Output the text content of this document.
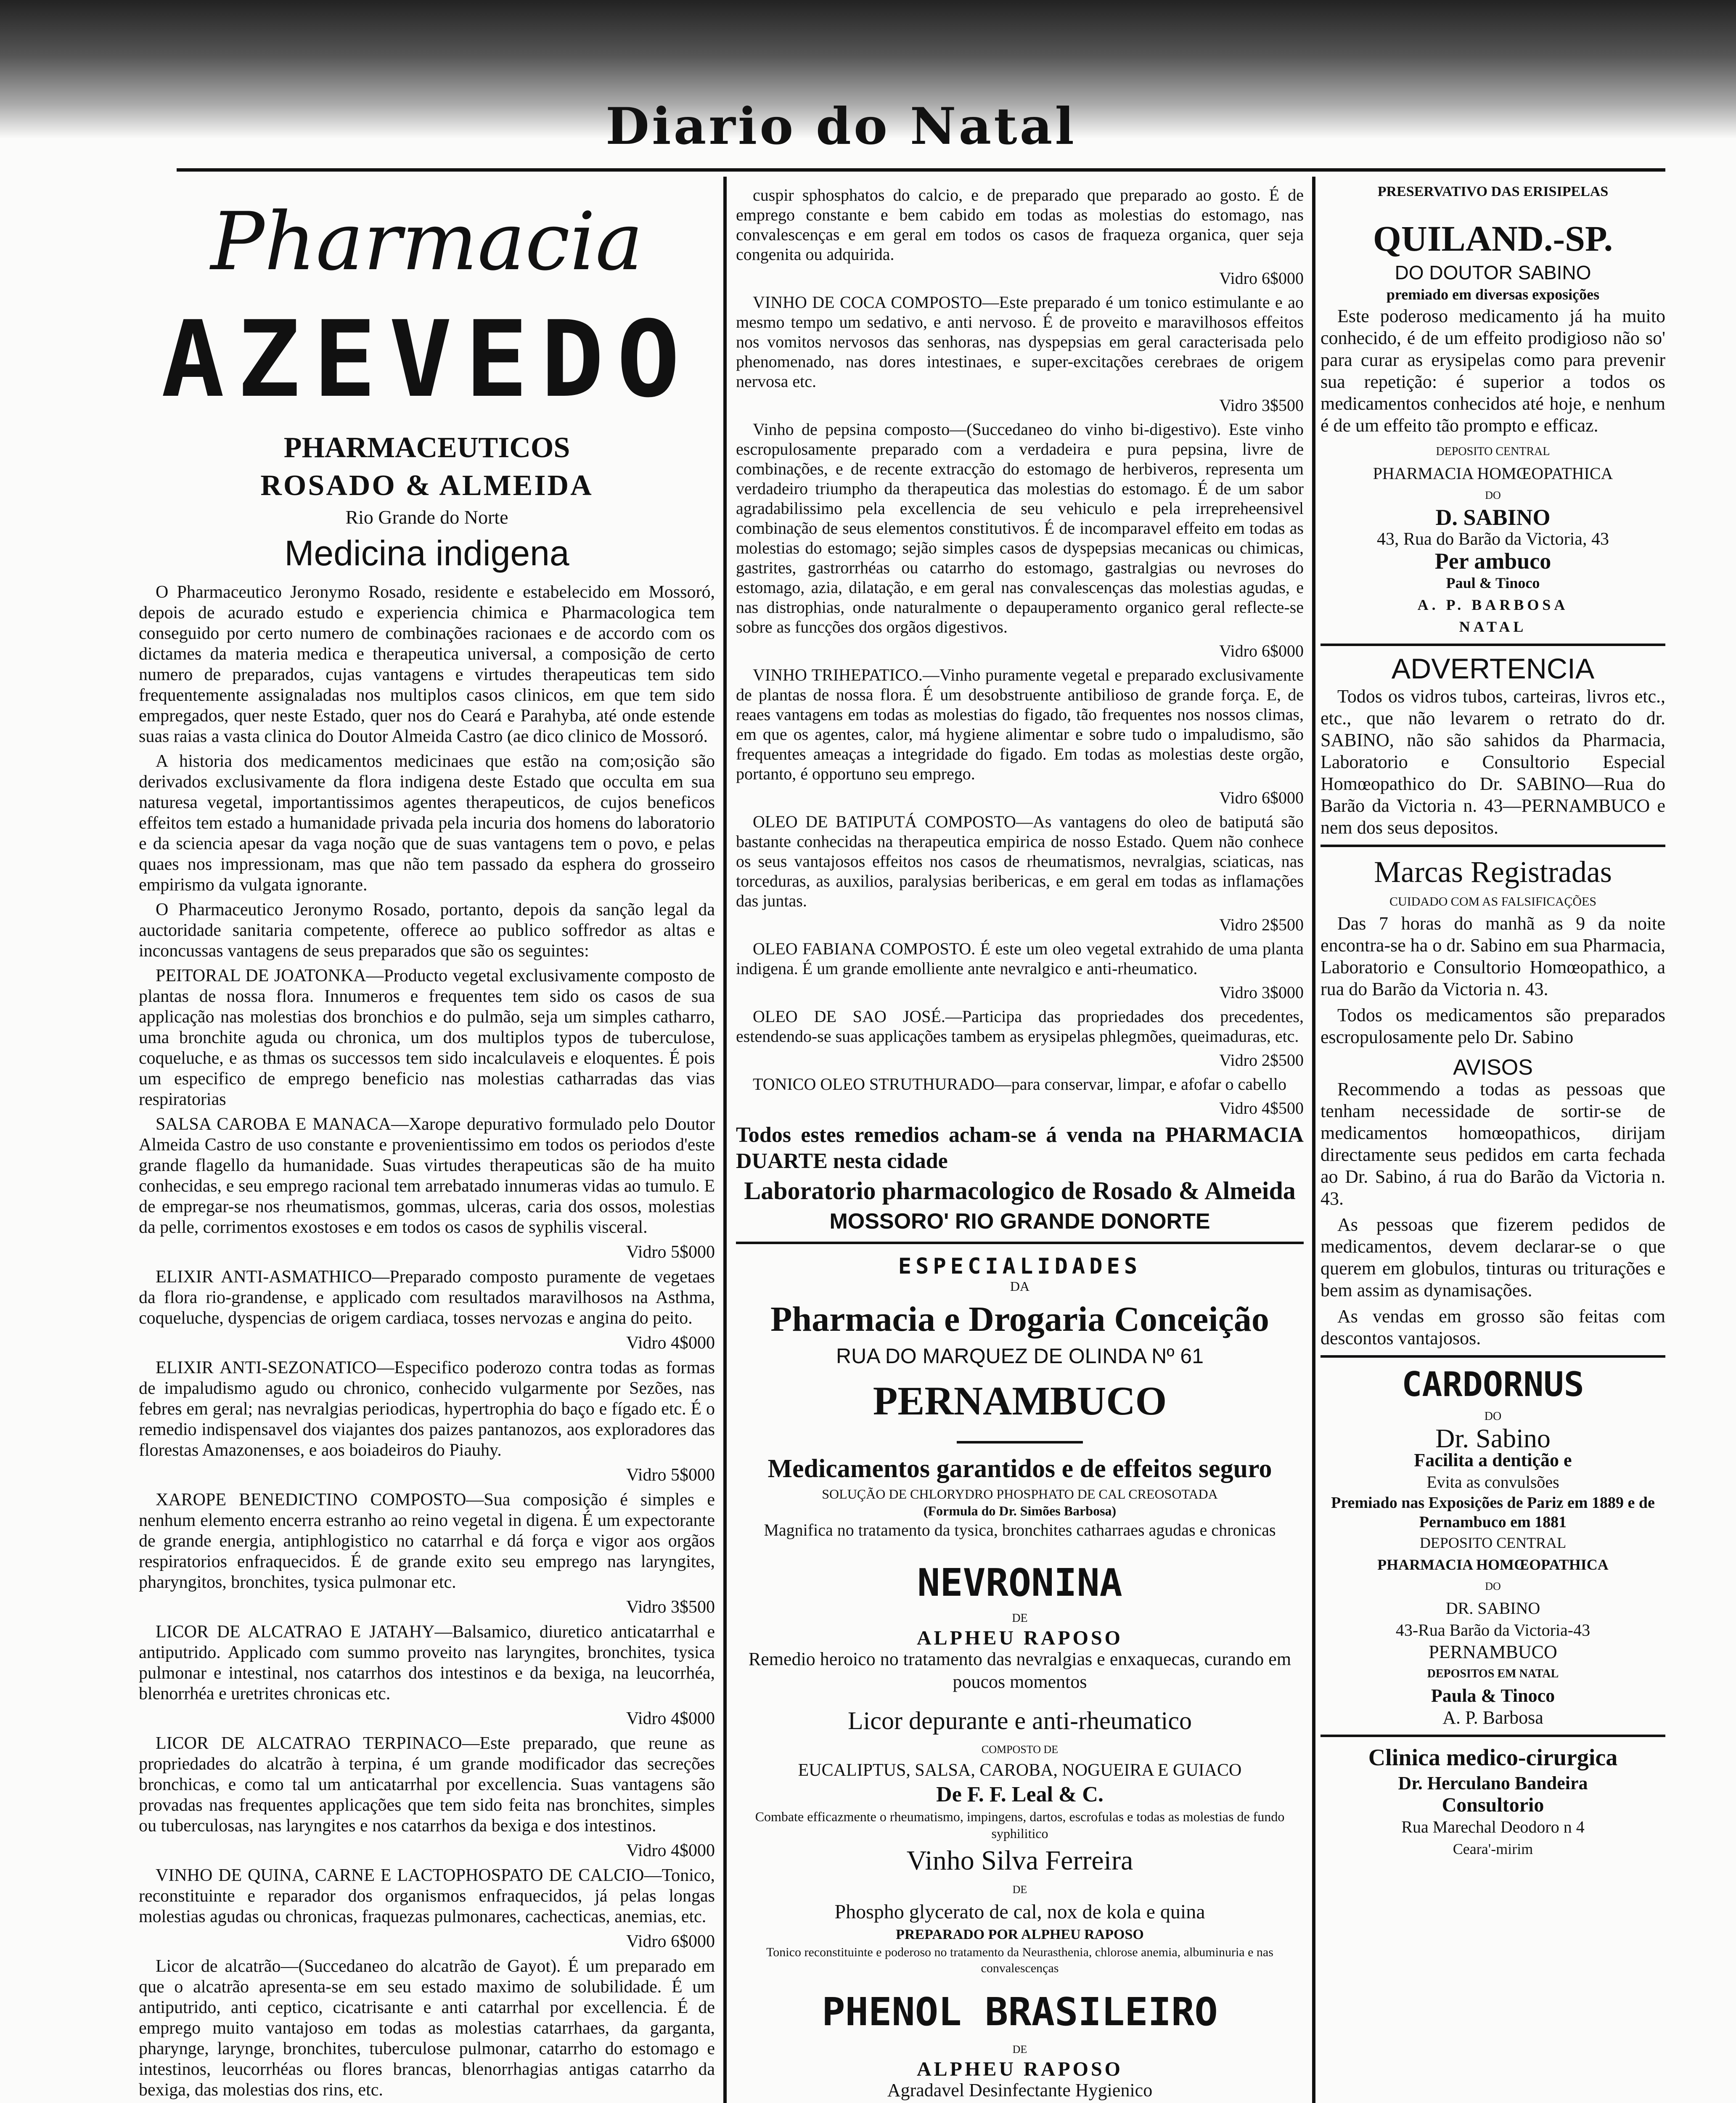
Diario do Natal
Pharmacia
AZEVEDO
PHARMACEUTICOS
ROSADO & ALMEIDA
Rio Grande do Norte
Medicina indigena

O Pharmaceutico Jeronymo Rosado, residente e estabelecido em Mossoró, depois de acurado estudo e experiencia chimica e Pharmacologica tem conseguido por certo numero de combinações racionaes e de accordo com os dictames da materia medica e therapeutica universal, a composição de certo numero de preparados, cujas vantagens e virtudes therapeuticas tem sido frequentemente assignaladas nos multiplos casos clinicos, em que tem sido empregados, quer neste Estado, quer nos do Ceará e Parahyba, até onde estende suas raias a vasta clinica do Doutor Almeida Castro (ae dico clinico de Mossoró.

A historia dos medicamentos medicinaes que estão na com;osição são derivados exclusivamente da flora indigena deste Estado que occulta em sua naturesa vegetal, importantissimos agentes therapeuticos, de cujos beneficos effeitos tem estado a humanidade privada pela incuria dos homens do laboratorio e da sciencia apesar da vaga noção que de suas vantagens tem o povo, e pelas quaes nos impressionam, mas que não tem passado da esphera do grosseiro empirismo da vulgata ignorante.

O Pharmaceutico Jeronymo Rosado, portanto, depois da sanção legal da auctoridade sanitaria competente, offerece ao publico soffredor as altas e inconcussas vantagens de seus preparados que são os seguintes:

PEITORAL DE JOATONKA—Producto vegetal exclusivamente composto de plantas de nossa flora. Innumeros e frequentes tem sido os casos de sua applicação nas molestias dos bronchios e do pulmão, seja um simples catharro, uma bronchite aguda ou chronica, um dos multiplos typos de tuberculose, coqueluche, e as thmas os successos tem sido incalculaveis e eloquentes. É pois um especifico de emprego beneficio nas molestias catharradas das vias respiratorias

SALSA CAROBA E MANACA—Xarope depurativo formulado pelo Doutor Almeida Castro de uso constante e provenientissimo em todos os periodos d'este grande flagello da humanidade. Suas virtudes therapeuticas são de ha muito conhecidas, e seu emprego racional tem arrebatado innumeras vidas ao tumulo. E de empregar-se nos rheumatismos, gommas, ulceras, caria dos ossos, molestias da pelle, corrimentos exostoses e em todos os casos de syphilis visceral.

Vidro 5$000

ELIXIR ANTI-ASMATHICO—Preparado composto puramente de vegetaes da flora rio-grandense, e applicado com resultados maravilhosos na Asthma, coqueluche, dyspencias de origem cardiaca, tosses nervozas e angina do peito.

Vidro 4$000

ELIXIR ANTI-SEZONATICO—Especifico poderozo contra todas as formas de impaludismo agudo ou chronico, conhecido vulgarmente por Sezões, nas febres em geral; nas nevralgias periodicas, hypertrophia do baço e fígado etc. É o remedio indispensavel dos viajantes dos paizes pantanozos, aos exploradores das florestas Amazonenses, e aos boiadeiros do Piauhy.

Vidro 5$000

XAROPE BENEDICTINO COMPOSTO—Sua composição é simples e nenhum elemento encerra estranho ao reino vegetal in digena. É um expectorante de grande energia, antiphlogistico no catarrhal e dá força e vigor aos orgãos respiratorios enfraquecidos. É de grande exito seu emprego nas laryngites, pharyngitos, bronchites, tysica pulmonar etc.

Vidro 3$500

LICOR DE ALCATRAO E JATAHY—Balsamico, diuretico anticatarrhal e antiputrido. Applicado com summo proveito nas laryngites, bronchites, tysica pulmonar e intestinal, nos catarrhos dos intestinos e da bexiga, na leucorrhéa, blenorrhéa e uretrites chronicas etc.

Vidro 4$000

LICOR DE ALCATRAO TERPINACO—Este preparado, que reune as propriedades do alcatrão à terpina, é um grande modificador das secreções bronchicas, e como tal um anticatarrhal por excellencia. Suas vantagens são provadas nas frequentes applicações que tem sido feita nas bronchites, simples ou tuberculosas, nas laryngites e nos catarrhos da bexiga e dos intestinos.

Vidro 4$000

VINHO DE QUINA, CARNE E LACTOPHOSPATO DE CALCIO—Tonico, reconstituinte e reparador dos organismos enfraquecidos, já pelas longas molestias agudas ou chronicas, fraquezas pulmonares, cachecticas, anemias, etc.

Vidro 6$000

Licor de alcatrão—(Succedaneo do alcatrão de Gayot). É um preparado em que o alcatrão apresenta-se em seu estado maximo de solubilidade. É um antiputrido, anti ceptico, cicatrisante e anti catarrhal por excellencia. É de emprego muito vantajoso em todas as molestias catarrhaes, da garganta, pharynge, larynge, bronchites, tuberculose pulmonar, catarrho do estomago e intestinos, leucorrhéas ou flores brancas, blenorrhagias antigas catarrho da bexiga, das molestias dos rins, etc.

cuspir sphosphatos do calcio, e de preparado que preparado ao gosto. É de emprego constante e bem cabido em todas as molestias do estomago, nas convalescenças e em geral em todos os casos de fraqueza organica, quer seja congenita ou adquirida.

Vidro 6$000

VINHO DE COCA COMPOSTO—Este preparado é um tonico estimulante e ao mesmo tempo um sedativo, e anti nervoso. É de proveito e maravilhosos effeitos nos vomitos nervosos das senhoras, nas dyspepsias em geral caracterisada pelo phenomenado, nas dores intestinaes, e super-excitações cerebraes de origem nervosa etc.

Vidro 3$500

Vinho de pepsina composto—(Succedaneo do vinho bi-digestivo). Este vinho escropulosamente preparado com a verdadeira e pura pepsina, livre de combinações, e de recente extracção do estomago de herbiveros, representa um verdadeiro triumpho da therapeutica das molestias do estomago. É de um sabor agradabilissimo pela excellencia de seu vehiculo e pela irrepreheensivel combinação de seus elementos constitutivos. É de incomparavel effeito em todas as molestias do estomago; sejão simples casos de dyspepsias mecanicas ou chimicas, gastrites, gastrorrhéas ou catarrho do estomago, gastralgias ou nevroses do estomago, azia, dilatação, e em geral nas convalescenças das molestias agudas, e nas distrophias, onde naturalmente o depauperamento organico geral reflecte-se sobre as funcções dos orgãos digestivos.

Vidro 6$000

VINHO TRIHEPATICO.—Vinho puramente vegetal e preparado exclusivamente de plantas de nossa flora. É um desobstruente antibilioso de grande força. E, de reaes vantagens em todas as molestias do figado, tão frequentes nos nossos climas, em que os agentes, calor, má hygiene alimentar e sobre tudo o impaludismo, são frequentes ameaças a integridade do figado. Em todas as molestias deste orgão, portanto, é opportuno seu emprego.

Vidro 6$000

OLEO DE BATIPUTÁ COMPOSTO—As vantagens do oleo de batiputá são bastante conhecidas na therapeutica empirica de nosso Estado. Quem não conhece os seus vantajosos effeitos nos casos de rheumatismos, nevralgias, sciaticas, nas torceduras, as auxilios, paralysias beribericas, e em geral em todas as inflamações das juntas.

Vidro 2$500

OLEO FABIANA COMPOSTO. É este um oleo vegetal extrahido de uma planta indigena. É um grande emolliente ante nevralgico e anti-rheumatico.

Vidro 3$000

OLEO DE SAO JOSÉ.—Participa das propriedades dos precedentes, estendendo-se suas applicações tambem as erysipelas phlegmões, queimaduras, etc.

Vidro 2$500

TONICO OLEO STRUTHURADO—para conservar, limpar, e afofar o cabello

Vidro 4$500

Todos estes remedios acham-se á venda na PHARMACIA DUARTE nesta cidade
Laboratorio pharmacologico de Rosado & Almeida
MOSSORO' RIO GRANDE DONORTE
ESPECIALIDADES
DA
Pharmacia e Drogaria Conceição
RUA DO MARQUEZ DE OLINDA Nº 61
PERNAMBUCO
Medicamentos garantidos e de effeitos seguro
SOLUÇÃO DE CHLORYDRO PHOSPHATO DE CAL CREOSOTADA
(Formula do Dr. Simões Barbosa)
Magnifica no tratamento da tysica, bronchites catharraes agudas e chronicas
NEVRONINA
DE
ALPHEU RAPOSO
Remedio heroico no tratamento das nevralgias e enxaquecas, curando em poucos momentos
Licor depurante e anti-rheumatico
COMPOSTO DE
EUCALIPTUS, SALSA, CAROBA, NOGUEIRA E GUIACO
De F. F. Leal & C.
Combate efficazmente o rheumatismo, impingens, dartos, escrofulas e todas as molestias de fundo syphilitico
Vinho Silva Ferreira
DE
Phospho glycerato de cal, nox de kola e quina
PREPARADO POR ALPHEU RAPOSO
Tonico reconstituinte e poderoso no tratamento da Neurasthenia, chlorose anemia, albuminuria e nas convalescenças
PHENOL BRASILEIRO
DE
ALPHEU RAPOSO
Agradavel Desinfectante Hygienico
PRESERVATIVO DAS ERISIPELAS
QUILAND.-SP.
DO DOUTOR SABINO
premiado em diversas exposições

Este poderoso medicamento já ha muito conhecido, é de um effeito prodigioso não so' para curar as erysipelas como para prevenir sua repetição: é superior a todos os medicamentos conhecidos até hoje, e nenhum é de um effeito tão prompto e efficaz.

DEPOSITO CENTRAL
PHARMACIA HOMŒOPATHICA
DO
D. SABINO
43, Rua do Barão da Victoria, 43
Per ambuco
Paul & Tinoco
A. P. BARBOSA
NATAL
ADVERTENCIA

Todos os vidros tubos, carteiras, livros etc., etc., que não levarem o retrato do dr. SABINO, não são sahidos da Pharmacia, Laboratorio e Consultorio Especial Homœopathico do Dr. SABINO—Rua do Barão da Victoria n. 43—PERNAMBUCO e nem dos seus depositos.

Marcas Registradas
CUIDADO COM AS FALSIFICAÇÕES

Das 7 horas do manhã as 9 da noite encontra-se ha o dr. Sabino em sua Pharmacia, Laboratorio e Consultorio Homœopathico, a rua do Barão da Victoria n. 43.

Todos os medicamentos são preparados escropulosamente pelo Dr. Sabino

AVISOS

Recommendo a todas as pessoas que tenham necessidade de sortir-se de medicamentos homœopathicos, dirijam directamente seus pedidos em carta fechada ao Dr. Sabino, á rua do Barão da Victoria n. 43.

As pessoas que fizerem pedidos de medicamentos, devem declarar-se o que querem em globulos, tinturas ou triturações e bem assim as dynamisações.

As vendas em grosso são feitas com descontos vantajosos.

CARDORNUS
DO
Dr. Sabino
Facilita a dentição e
Evita as convulsões
Premiado nas Exposições de Pariz em 1889 e de Pernambuco em 1881
DEPOSITO CENTRAL
PHARMACIA HOMŒOPATHICA
DO
DR. SABINO
43-Rua Barão da Victoria-43
PERNAMBUCO
DEPOSITOS EM NATAL
Paula & Tinoco
A. P. Barbosa
Clinica medico-cirurgica
Dr. Herculano Bandeira
Consultorio
Rua Marechal Deodoro n 4
Ceara'-mirim
